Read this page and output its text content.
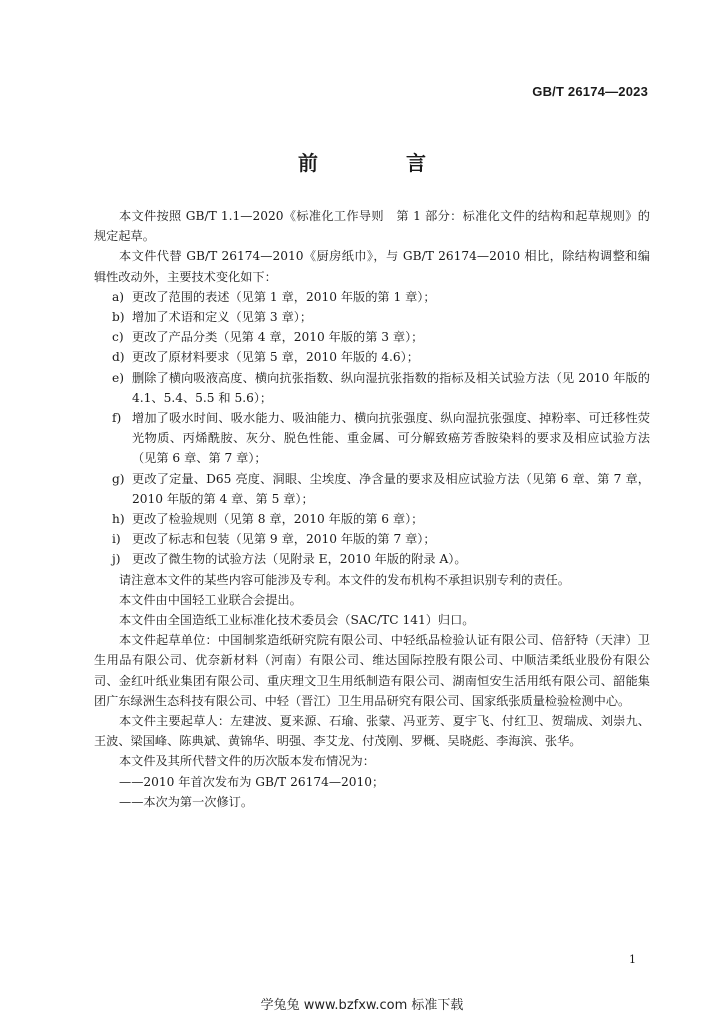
GB/T 26174—2023
前　言

本文件按照 GB/T 1.1—2020《标准化工作导则　第 1 部分：标准化文件的结构和起草规则》的规定起草。

本文件代替 GB/T 26174—2010《厨房纸巾》，与 GB/T 26174—2010 相比，除结构调整和编辑性改动外，主要技术变化如下：

a) 更改了范围的表述（见第 1 章，2010 年版的第 1 章）；

b) 增加了术语和定义（见第 3 章）；

c) 更改了产品分类（见第 4 章，2010 年版的第 3 章）；

d) 更改了原材料要求（见第 5 章，2010 年版的 4.6）；

e) 删除了横向吸液高度、横向抗张指数、纵向湿抗张指数的指标及相关试验方法（见 2010 年版的 4.1、5.4、5.5 和 5.6）；

f) 增加了吸水时间、吸水能力、吸油能力、横向抗张强度、纵向湿抗张强度、掉粉率、可迁移性荧光物质、丙烯酰胺、灰分、脱色性能、重金属、可分解致癌芳香胺染料的要求及相应试验方法（见第 6 章、第 7 章）；

g) 更改了定量、D65 亮度、洞眼、尘埃度、净含量的要求及相应试验方法（见第 6 章、第 7 章，2010 年版的第 4 章、第 5 章）；

h) 更改了检验规则（见第 8 章，2010 年版的第 6 章）；

i) 更改了标志和包装（见第 9 章，2010 年版的第 7 章）；

j) 更改了微生物的试验方法（见附录 E，2010 年版的附录 A）。

请注意本文件的某些内容可能涉及专利。本文件的发布机构不承担识别专利的责任。

本文件由中国轻工业联合会提出。

本文件由全国造纸工业标准化技术委员会（SAC/TC 141）归口。

本文件起草单位：中国制浆造纸研究院有限公司、中轻纸品检验认证有限公司、倍舒特（天津）卫生用品有限公司、优奈新材料（河南）有限公司、维达国际控股有限公司、中顺洁柔纸业股份有限公司、金红叶纸业集团有限公司、重庆理文卫生用纸制造有限公司、湖南恒安生活用纸有限公司、韶能集团广东绿洲生态科技有限公司、中轻（晋江）卫生用品研究有限公司、国家纸张质量检验检测中心。

本文件主要起草人：左建波、夏来源、石瑜、张蒙、冯亚芳、夏宇飞、付红卫、贺瑞成、刘崇九、王波、梁国峰、陈典斌、黄锦华、明强、李艾龙、付茂刚、罗概、吴晓彪、李海滨、张华。

本文件及其所代替文件的历次版本发布情况为：

——2010 年首次发布为 GB/T 26174—2010；

——本次为第一次修订。

1
学兔兔 www.bzfxw.com 标准下载
